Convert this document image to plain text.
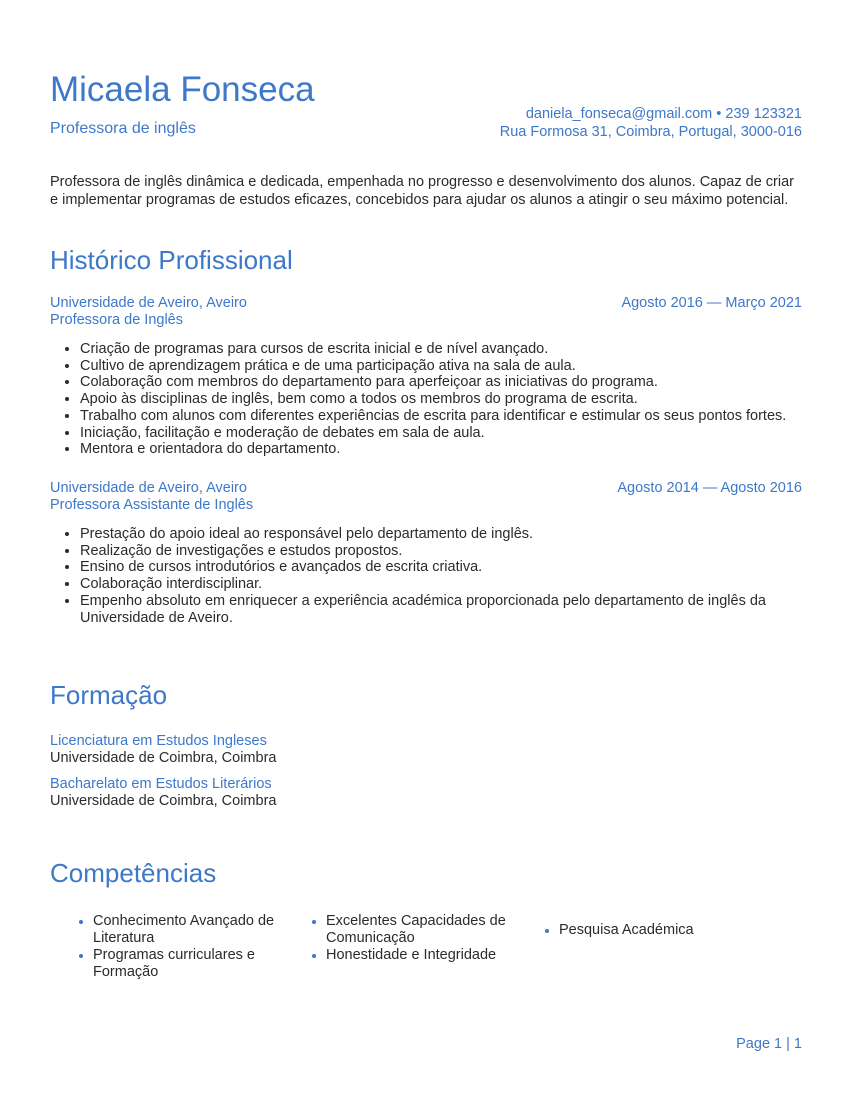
Micaela Fonseca
Professora de inglês
daniela_fonseca@gmail.com • 239 123321
Rua Formosa 31, Coimbra, Portugal, 3000-016
Professora de inglês dinâmica e dedicada, empenhada no progresso e desenvolvimento dos alunos. Capaz de criar e implementar programas de estudos eficazes, concebidos para ajudar os alunos a atingir o seu máximo potencial.
Histórico Profissional
Universidade de Aveiro, Aveiro	Agosto 2016 — Março 2021
Professora de Inglês
• Criação de programas para cursos de escrita inicial e de nível avançado.
• Cultivo de aprendizagem prática e de uma participação ativa na sala de aula.
• Colaboração com membros do departamento para aperfeiçoar as iniciativas do programa.
• Apoio às disciplinas de inglês, bem como a todos os membros do programa de escrita.
• Trabalho com alunos com diferentes experiências de escrita para identificar e estimular os seus pontos fortes.
• Iniciação, facilitação e moderação de debates em sala de aula.
• Mentora e orientadora do departamento.
Universidade de Aveiro, Aveiro	Agosto 2014 — Agosto 2016
Professora Assistante de Inglês
• Prestação do apoio ideal ao responsável pelo departamento de inglês.
• Realização de investigações e estudos propostos.
• Ensino de cursos introdutórios e avançados de escrita criativa.
• Colaboração interdisciplinar.
• Empenho absoluto em enriquecer a experiência académica proporcionada pelo departamento de inglês da Universidade de Aveiro.
Formação
Licenciatura em Estudos Ingleses
Universidade de Coimbra, Coimbra
Bacharelato em Estudos Literários
Universidade de Coimbra, Coimbra
Competências
• Conhecimento Avançado de Literatura
• Programas curriculares e Formação
• Excelentes Capacidades de Comunicação
• Honestidade e Integridade
• Pesquisa Académica
Page 1 | 1
